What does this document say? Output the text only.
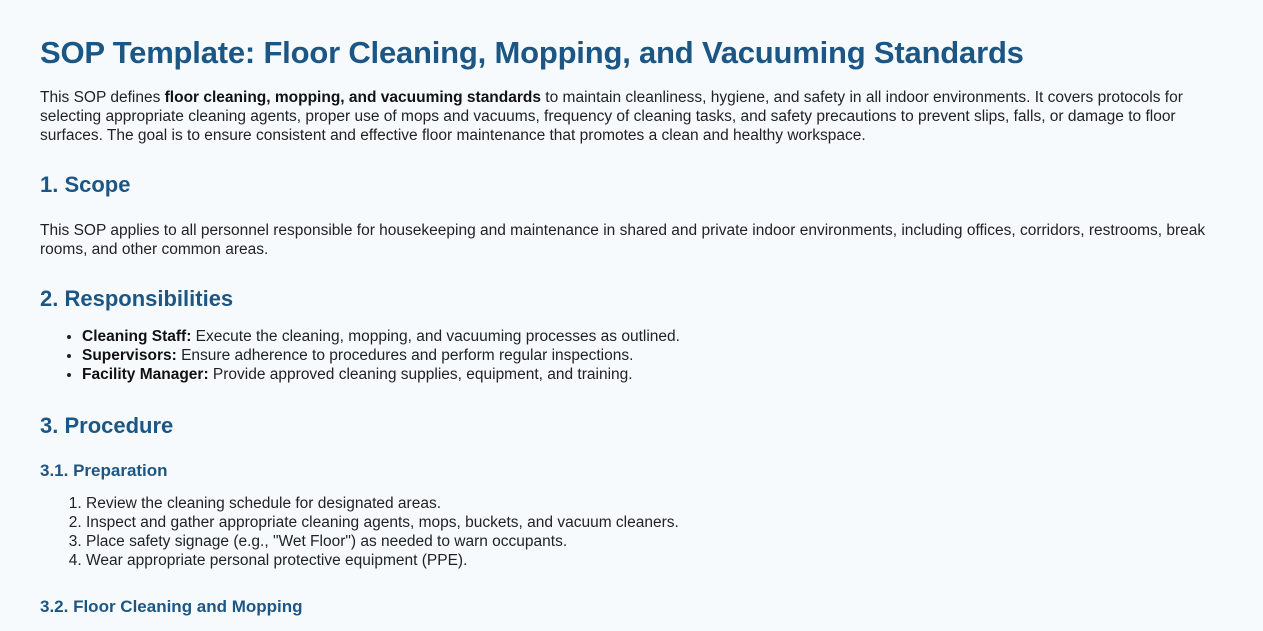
SOP Template: Floor Cleaning, Mopping, and Vacuuming Standards

This SOP defines floor cleaning, mopping, and vacuuming standards to maintain cleanliness, hygiene, and safety in all indoor environments. It covers protocols for selecting appropriate cleaning agents, proper use of mops and vacuums, frequency of cleaning tasks, and safety precautions to prevent slips, falls, or damage to floor surfaces. The goal is to ensure consistent and effective floor maintenance that promotes a clean and healthy workspace.

1. Scope

This SOP applies to all personnel responsible for housekeeping and maintenance in shared and private indoor environments, including offices, corridors, restrooms, break rooms, and other common areas.

2. Responsibilities
• Cleaning Staff: Execute the cleaning, mopping, and vacuuming processes as outlined.
• Supervisors: Ensure adherence to procedures and perform regular inspections.
• Facility Manager: Provide approved cleaning supplies, equipment, and training.
3. Procedure
3.1. Preparation
1. Review the cleaning schedule for designated areas.
2. Inspect and gather appropriate cleaning agents, mops, buckets, and vacuum cleaners.
3. Place safety signage (e.g., "Wet Floor") as needed to warn occupants.
4. Wear appropriate personal protective equipment (PPE).
3.2. Floor Cleaning and Mopping
